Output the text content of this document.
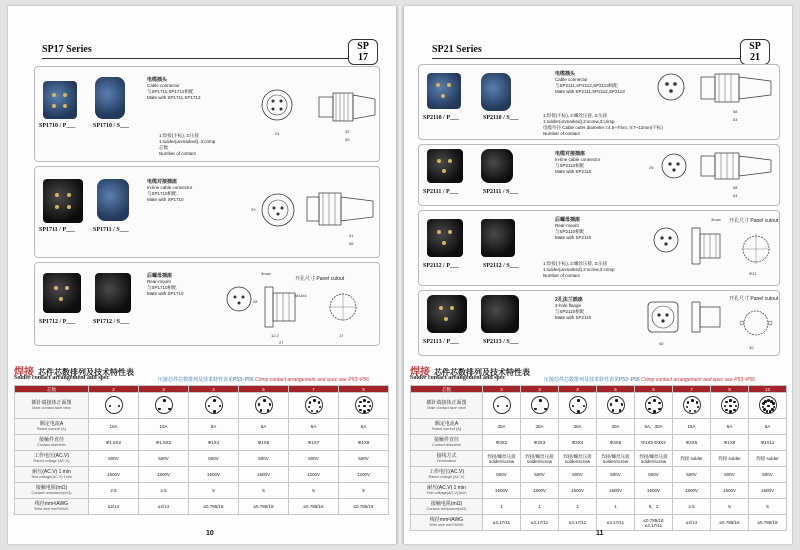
SP17 Series	SP
17
SP1710 / P___	SP1710 / S___
电缆插头
Cable connector
与SP1711,SP1712相配
Mate with SP1711,SP1712
1:焊接(不标), 3:压接
1:solder(unmarked), 3:crimp
芯数
Number of contact
24	32
50
SP1711 / P___	SP1711 / S___
电缆对接插座
In-line cable connector
与SP1710相配
Mate with SP1710
29
51
56
SP1712 / P___	SP1712 / S___
后螺母插座
Rear-mount
与SP1710相配
Mate with SP1710
开孔尺寸 Panel cutout
3max
28
M18x1
12.2
27
17
焊接 芯件芯数排列及技术特性表
Solder contact arrangement and spec	压接芯件芯数排列及技术特性表见P53~P56 Crimp contact arrangement and spec see P53~P56
芯数	2	3	4	5	7	9

插针端接体正面图
Male contact face view						

额定电流A
Rated current (A)	10A	10A	5A	5A	5A	5A

接触件直径
Contact diameter	Φ1.5X2	Φ1.5X3	Φ1X4	Φ1X5	Φ1X7	Φ1X9

工作电压(AC.V)
Rated voltage (AC.V)	500V	500V	500V	500V	500V	500V

耐压(AC.V) 1 min
Test voltage(AC.V) 1min	1500V	1500V	1500V	1500V	1200V	1200V

接触电阻(mΩ)
Contact resistance(mΩ)	2.5	2.5	5	5	5	5

线径mm²/AWG
Wire size mm²/AWG	≤2/14	≤2/14	≤0.785/18	≤0.785/18	≤0.785/18	≤0.785/18
10
SP21 Series	SP
21
SP2110 / P___	SP2110 / S___
电缆插头
Cable connector
与SP2111,SP2112,SP2113相配
Mate with SP2111,SP2112,SP2113
1:焊接(不标), 2:螺丝压接, 3:压接
1:solder(unmarked),2:screw,3:crimp
电缆外径 Cable outer diameter I:4.5~7mm, II:7~12mm(不标)
Number of contact
58
64
SP2111 / P___	SP2111 / S___
电缆对接插座
In-line cable connector
与SP2110相配
Mate with SP2110
29
58
64
SP2112 / P___	SP2112 / S___
后螺母插座
Rear-mount
与SP2110相配
Mate with SP2110
1:焊接(不标), 2:螺丝压接, 3:压接
1:solder(unmarked),2:screw,3:crimp
Number of contact
开孔尺寸 Panel cutout
3max
Φ21
SP2113 / P___	SP2113 / S___
2孔法兰插座
2-hole flange
与SP2110相配
Mate with SP2110
开孔尺寸 Panel cutout
40
30
焊接 芯件芯数排列及技术特性表
Solder contact arrangement and spec	压接芯件芯数排列及技术特性表见P53~P56 Crimp contact arrangement and spec see P53~P56
芯数	2	3	4	5	6	7	9	12

插针端接体正面图
Male contact face view								

额定电流A
Rated current (A)	30A	30A	30A	30A	5A、30A	15A	5A	5A

接触件直径
Contact diameter	Φ3X2	Φ3X3	Φ3X4	Φ3X5	Φ1X3 Φ3X2	Φ2X5	Φ1X9	Φ1X12

接线方式
Termination	焊接/螺丝压接 solder/screw	焊接/螺丝压接 solder/screw	焊接/螺丝压接 solder/screw	焊接/螺丝压接 solder/screw	焊接/螺丝压接 solder/screw	焊接 solder	焊接 solder	焊接 solder

工作电压(AC.V)
Rated voltage (AC.V)	500V	500V	500V	500V	500V	500V	500V	500V

耐压(AC.V) 1 min
Test voltage(AC.V)1min	1500V	1500V	1500V	1500V	1500V	1500V	1500V	1500V

接触电阻(mΩ)
Contact resistance(mΩ)	1	1	1	1	5、1	2.5	5	5

线径mm²/AWG
Wire size mm²/AWG	≤4.17/11	≤4.17/11	≤4.17/11	≤4.17/11	≤0.785/18 ≤4.17/11	≤2/14	≤0.785/18	≤0.785/18
11
